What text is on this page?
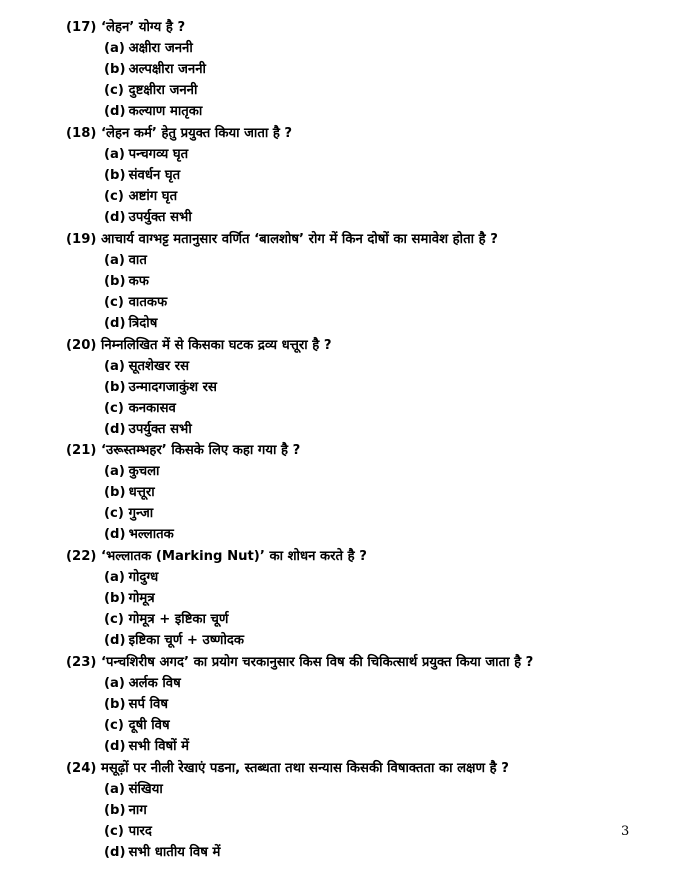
(17) ‘लेहन’ योग्य है ?
(a) अक्षीरा जननी
(b) अल्पक्षीरा जननी
(c) दुष्टक्षीरा जननी
(d) कल्याण मातृका
(18) ‘लेहन कर्म’ हेतु प्रयुक्त किया जाता है ?
(a) पन्चगव्य घृत
(b) संवर्धन घृत
(c) अष्टांग घृत
(d) उपर्युक्त सभी
(19) आचार्य वाग्भट्ट मतानुसार वर्णित ‘बालशोष’ रोग में किन दोषों का समावेश होता है ?
(a) वात
(b) कफ
(c) वातकफ
(d) त्रिदोष
(20) निम्नलिखित में से किसका घटक द्रव्य धत्तूरा है ?
(a) सूतशेखर रस
(b) उन्मादगजाकुंश रस
(c) कनकासव
(d) उपर्युक्त सभी
(21) ‘उरूस्तम्भहर’ किसके लिए कहा गया है ?
(a) कुचला
(b) धत्तूरा
(c) गुन्जा
(d) भल्लातक
(22) ‘भल्लातक (Marking Nut)’ का शोधन करते है ?
(a) गोदुग्ध
(b) गोमूत्र
(c) गोमूत्र + इष्टिका चूर्ण
(d) इष्टिका चूर्ण + उष्णोदक
(23) ‘पन्चशिरीष अगद’ का प्रयोग चरकानुसार किस विष की चिकित्सार्थ प्रयुक्त किया जाता है ?
(a) अर्लक विष
(b) सर्प विष
(c) दूषी विष
(d) सभी विषों में
(24) मसूढ़ों पर नीली रेखाएं पडना, स्तब्धता तथा सन्यास किसकी विषाक्तता का लक्षण है ?
(a) संखिया
(b) नाग
(c) पारद
(d) सभी धातीय विष में
3
